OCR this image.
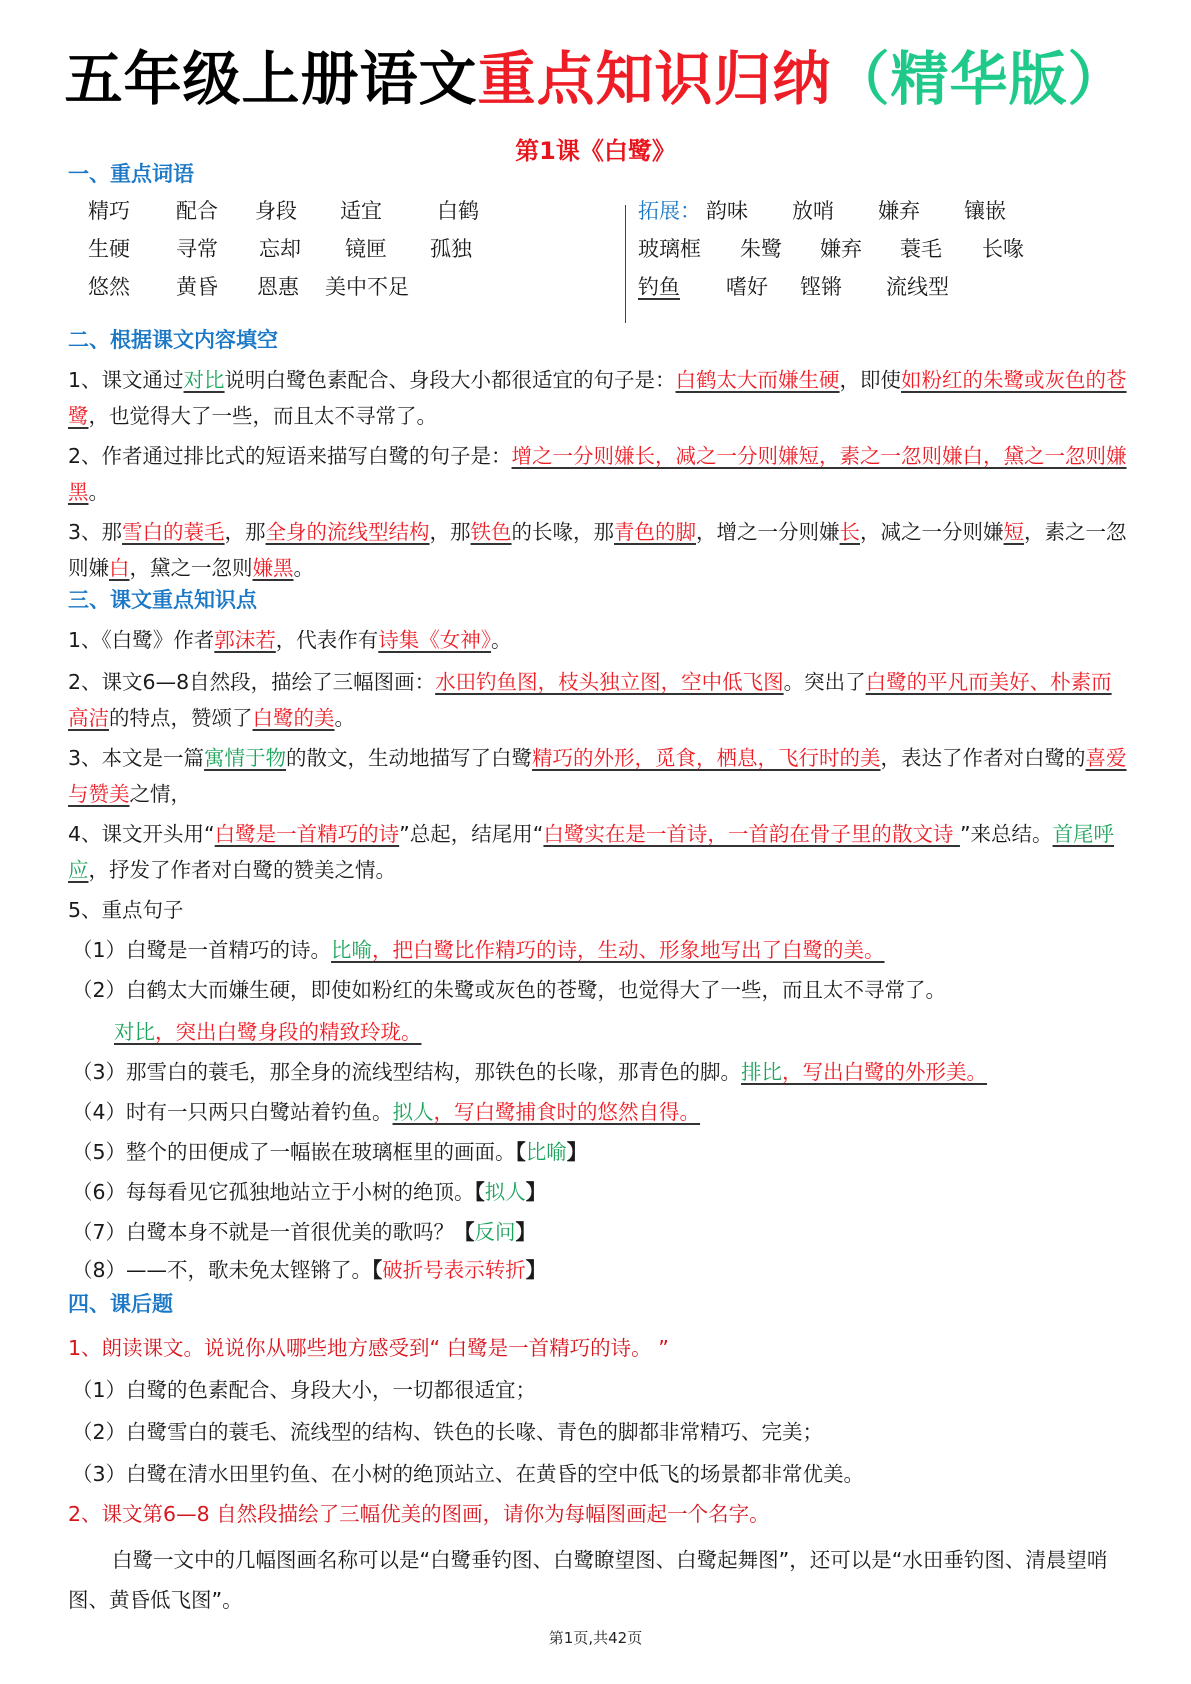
五年级上册语文重点知识归纳（精华版）
第1课《白鹭》
一、重点词语
精巧 配合 身段 适宜	白鹤
生硬 寻常 忘却 镜匣 孤独
悠然 黄昏 恩惠 美中不足
拓展： 韵味 放哨 嫌弃 镶嵌
玻璃框 朱鹭 嫌弃 蓑毛 长喙
钓鱼 嗜好 铿锵 流线型
二、根据课文内容填空

1、课文通过对比说明白鹭色素配合、身段大小都很适宜的句子是：白鹤太大而嫌生硬，即使如粉红的朱鹭或灰色的苍鹭，也觉得大了一些，而且太不寻常了。

2、作者通过排比式的短语来描写白鹭的句子是：增之一分则嫌长，减之一分则嫌短，素之一忽则嫌白，黛之一忽则嫌黑。

3、那雪白的蓑毛，那全身的流线型结构，那铁色的长喙，那青色的脚，增之一分则嫌长，减之一分则嫌短，素之一忽则嫌白，黛之一忽则嫌黑。

三、课文重点知识点

1、《白鹭》作者郭沫若，代表作有诗集《女神》。

2、课文6—8自然段，描绘了三幅图画：水田钓鱼图，枝头独立图，空中低飞图。突出了白鹭的平凡而美好、朴素而高洁的特点，赞颂了白鹭的美。

3、本文是一篇寓情于物的散文，生动地描写了白鹭精巧的外形，觅食，栖息，飞行时的美，表达了作者对白鹭的喜爱与赞美之情，

4、课文开头用“白鹭是一首精巧的诗”总起，结尾用“白鹭实在是一首诗，一首韵在骨子里的散文诗 ”来总结。首尾呼应，抒发了作者对白鹭的赞美之情。

5、重点句子

（1）白鹭是一首精巧的诗。比喻，把白鹭比作精巧的诗，生动、形象地写出了白鹭的美。

（2）白鹤太大而嫌生硬，即使如粉红的朱鹭或灰色的苍鹭，也觉得大了一些，而且太不寻常了。

对比，突出白鹭身段的精致玲珑。

（3）那雪白的蓑毛，那全身的流线型结构，那铁色的长喙，那青色的脚。排比，写出白鹭的外形美。

（4）时有一只两只白鹭站着钓鱼。拟人，写白鹭捕食时的悠然自得。

（5）整个的田便成了一幅嵌在玻璃框里的画面。【比喻】

（6）每每看见它孤独地站立于小树的绝顶。【拟人】

（7）白鹭本身不就是一首很优美的歌吗？【反问】

（8）——不，歌未免太铿锵了。【破折号表示转折】

四、课后题

1、朗读课文。说说你从哪些地方感受到“ 白鹭是一首精巧的诗。 ”

（1）白鹭的色素配合、身段大小，一切都很适宜；

（2）白鹭雪白的蓑毛、流线型的结构、铁色的长喙、青色的脚都非常精巧、完美；

（3）白鹭在清水田里钓鱼、在小树的绝顶站立、在黄昏的空中低飞的场景都非常优美。

2、课文第6—8 自然段描绘了三幅优美的图画，请你为每幅图画起一个名字。

白鹭一文中的几幅图画名称可以是“白鹭垂钓图、白鹭瞭望图、白鹭起舞图”，还可以是“水田垂钓图、清晨望哨图、黄昏低飞图”。

第1页,共42页
